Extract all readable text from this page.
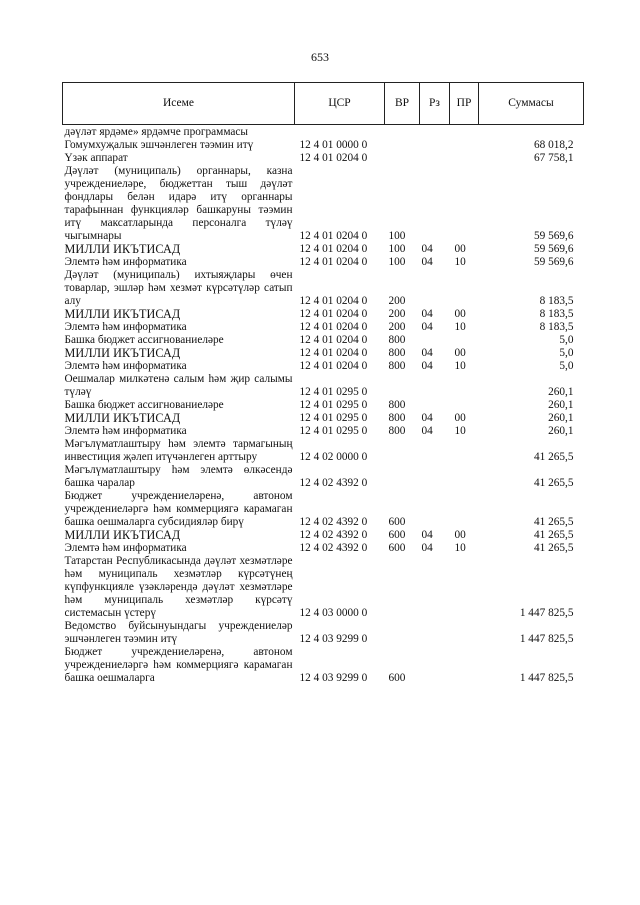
653
Исеме	ЦСР	ВР	Рз	ПР	Суммасы
дәүләт ярдәме» ярдәмче программасы					
Гомумхуҗалык эшчәнлеген тәэмин итү	12 4 01 0000 0				68 018,2
Үзәк аппарат	12 4 01 0204 0				67 758,1
Дәүләт (муниципаль) органнары, казна учреждениеләре, бюджеттан тыш дәүләт фондлары белән идарә итү органнары тарафыннан функцияләр башкаруны тәэмин итү максатларында персоналга түләү чыгымнары	12 4 01 0204 0	100			59 569,6
МИЛЛИ ИКЪТИСАД	12 4 01 0204 0	100	04	00	59 569,6
Элемтә һәм информатика	12 4 01 0204 0	100	04	10	59 569,6
Дәүләт (муниципаль) ихтыяҗлары өчен товарлар, эшләр һәм хезмәт күрсәтүләр сатып алу	12 4 01 0204 0	200			8 183,5
МИЛЛИ ИКЪТИСАД	12 4 01 0204 0	200	04	00	8 183,5
Элемтә һәм информатика	12 4 01 0204 0	200	04	10	8 183,5
Башка бюджет ассигнованиеләре	12 4 01 0204 0	800			5,0
МИЛЛИ ИКЪТИСАД	12 4 01 0204 0	800	04	00	5,0
Элемтә һәм информатика	12 4 01 0204 0	800	04	10	5,0
Оешмалар милкәтенә салым һәм җир салымы түләү	12 4 01 0295 0				260,1
Башка бюджет ассигнованиеләре	12 4 01 0295 0	800			260,1
МИЛЛИ ИКЪТИСАД	12 4 01 0295 0	800	04	00	260,1
Элемтә һәм информатика	12 4 01 0295 0	800	04	10	260,1
Мәгълүматлаштыру һәм элемтә тармагының инвестиция җәлеп итүчәнлеген арттыру	12 4 02 0000 0				41 265,5
Мәгълүматлаштыру һәм элемтә өлкәсендә башка чаралар	12 4 02 4392 0				41 265,5
Бюджет учреждениеләренә, автоном учреждениеләргә һәм коммерциягә карамаган башка оешмаларга субсидияләр бирү	12 4 02 4392 0	600			41 265,5
МИЛЛИ ИКЪТИСАД	12 4 02 4392 0	600	04	00	41 265,5
Элемтә һәм информатика	12 4 02 4392 0	600	04	10	41 265,5
Татарстан Республикасында дәүләт хезмәтләре һәм муниципаль хезмәтләр күрсәтүнең күпфункцияле үзәкләрендә дәүләт хезмәтләре һәм муниципаль хезмәтләр күрсәтү системасын үстерү	12 4 03 0000 0				1 447 825,5
Ведомство буйсынуындагы учреждениеләр эшчәнлеген тәэмин итү	12 4 03 9299 0				1 447 825,5
Бюджет учреждениеләренә, автоном учреждениеләргә һәм коммерциягә карамаган башка оешмаларга	12 4 03 9299 0	600			1 447 825,5
